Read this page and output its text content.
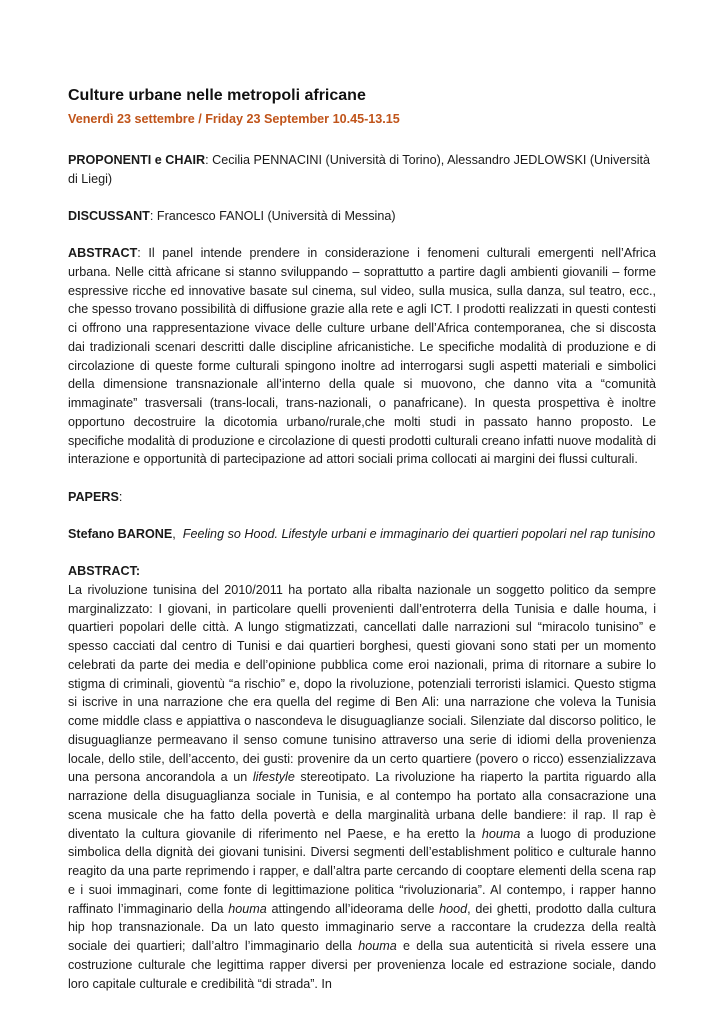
Culture urbane nelle metropoli africane

Venerdì 23 settembre / Friday 23 September 10.45-13.15

PROPONENTI e CHAIR: Cecilia PENNACINI (Università di Torino), Alessandro JEDLOWSKI (Università di Liegi)

DISCUSSANT: Francesco FANOLI (Università di Messina)

ABSTRACT: Il panel intende prendere in considerazione i fenomeni culturali emergenti nell’Africa urbana. Nelle città africane si stanno sviluppando – soprattutto a partire dagli ambienti giovanili – forme espressive ricche ed innovative basate sul cinema, sul video, sulla musica, sulla danza, sul teatro, ecc., che spesso trovano possibilità di diffusione grazie alla rete e agli ICT. I prodotti realizzati in questi contesti ci offrono una rappresentazione vivace delle culture urbane dell’Africa contemporanea, che si discosta dai tradizionali scenari descritti dalle discipline africanistiche. Le specifiche modalità di produzione e di circolazione di queste forme culturali spingono inoltre ad interrogarsi sugli aspetti materiali e simbolici della dimensione transnazionale all’interno della quale si muovono, che danno vita a “comunità immaginate” trasversali (trans-locali, trans-nazionali, o panafricane). In questa prospettiva è inoltre opportuno decostruire la dicotomia urbano/rurale,che molti studi in passato hanno proposto. Le specifiche modalità di produzione e circolazione di questi prodotti culturali creano infatti nuove modalità di interazione e opportunità di partecipazione ad attori sociali prima collocati ai margini dei flussi culturali.

PAPERS:

Stefano BARONE,  Feeling so Hood. Lifestyle urbani e immaginario dei quartieri popolari nel rap tunisino

ABSTRACT:

La rivoluzione tunisina del 2010/2011 ha portato alla ribalta nazionale un soggetto politico da sempre marginalizzato: I giovani, in particolare quelli provenienti dall’entroterra della Tunisia e dalle houma, i quartieri popolari delle città. A lungo stigmatizzati, cancellati dalle narrazioni sul “miracolo tunisino” e spesso cacciati dal centro di Tunisi e dai quartieri borghesi, questi giovani sono stati per un momento celebrati da parte dei media e dell’opinione pubblica come eroi nazionali, prima di ritornare a subire lo stigma di criminali, gioventù “a rischio” e, dopo la rivoluzione, potenziali terroristi islamici. Questo stigma si iscrive in una narrazione che era quella del regime di Ben Ali: una narrazione che voleva la Tunisia come middle class e appiattiva o nascondeva le disuguaglianze sociali. Silenziate dal discorso politico, le disuguaglianze permeavano il senso comune tunisino attraverso una serie di idiomi della provenienza locale, dello stile, dell’accento, dei gusti: provenire da un certo quartiere (povero o ricco) essenzializzava una persona ancorandola a un lifestyle stereotipato. La rivoluzione ha riaperto la partita riguardo alla narrazione della disuguaglianza sociale in Tunisia, e al contempo ha portato alla consacrazione una scena musicale che ha fatto della povertà e della marginalità urbana delle bandiere: il rap. Il rap è diventato la cultura giovanile di riferimento nel Paese, e ha eretto la houma a luogo di produzione simbolica della dignità dei giovani tunisini. Diversi segmenti dell’establishment politico e culturale hanno reagito da una parte reprimendo i rapper, e dall’altra parte cercando di cooptare elementi della scena rap e i suoi immaginari, come fonte di legittimazione politica “rivoluzionaria”. Al contempo, i rapper hanno raffinato l’immaginario della houma attingendo all’ideorama delle hood, dei ghetti, prodotto dalla cultura hip hop transnazionale. Da un lato questo immaginario serve a raccontare la crudezza della realtà sociale dei quartieri; dall’altro l’immaginario della houma e della sua autenticità si rivela essere una costruzione culturale che legittima rapper diversi per provenienza locale ed estrazione sociale, dando loro capitale culturale e credibilità “di strada”. In
